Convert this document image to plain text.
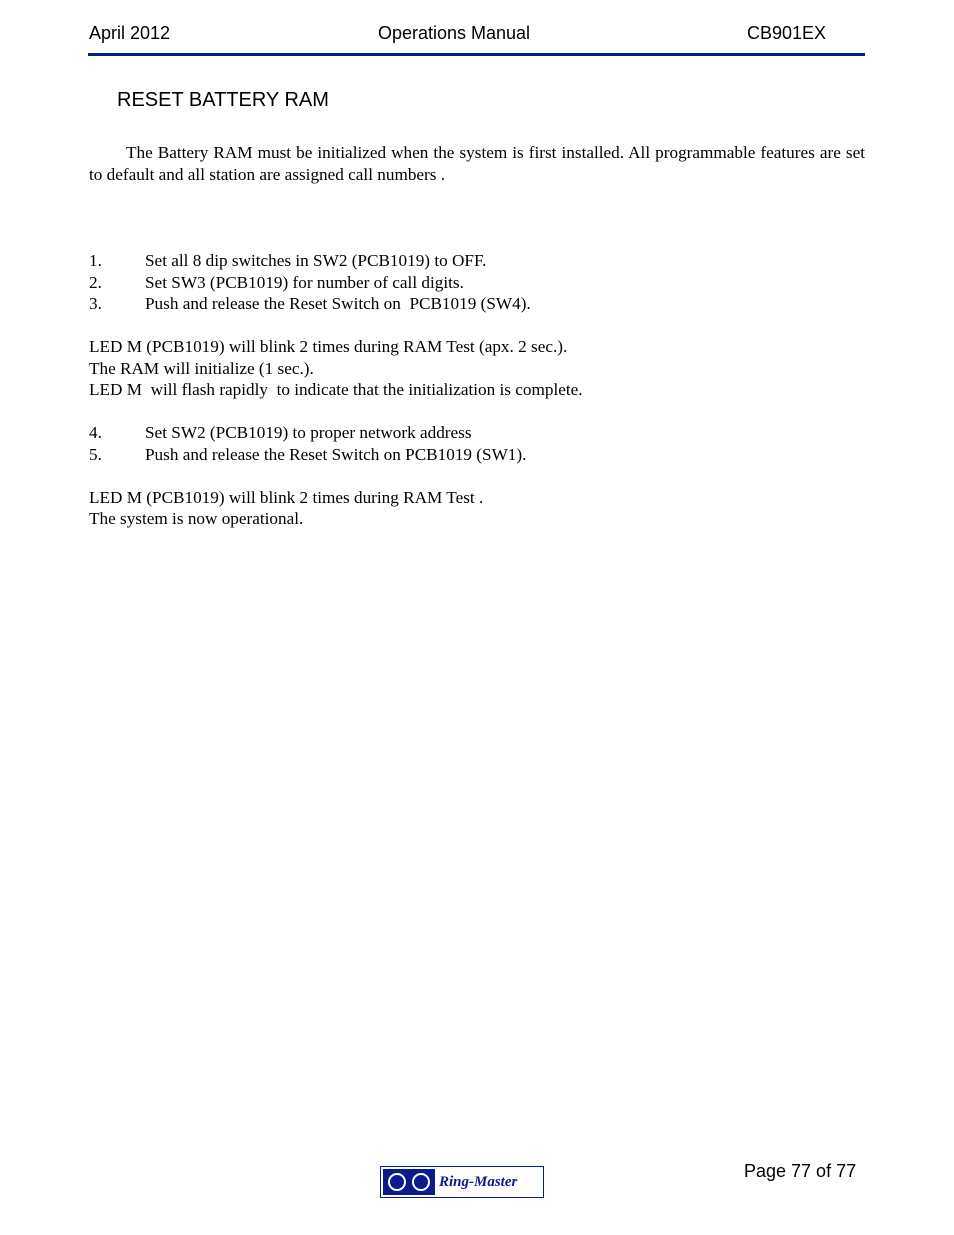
April 2012	Operations Manual	CB901EX
RESET BATTERY RAM

The Battery RAM must be initialized when the system is first installed. All programmable features are set to default and all station are assigned call numbers .

1.	Set all 8 dip switches in SW2 (PCB1019) to OFF.
2.	Set SW3 (PCB1019) for number of call digits.
3.	Push and release the Reset Switch on  PCB1019 (SW4).
LED M (PCB1019) will blink 2 times during RAM Test (apx. 2 sec.).
The RAM will initialize (1 sec.).
LED M  will flash rapidly  to indicate that the initialization is complete.
4.	Set SW2 (PCB1019) to proper network address
5.	Push and release the Reset Switch on PCB1019 (SW1).
LED M (PCB1019) will blink 2 times during RAM Test .
The system is now operational.
Page 77 of 77
Ring-Master
